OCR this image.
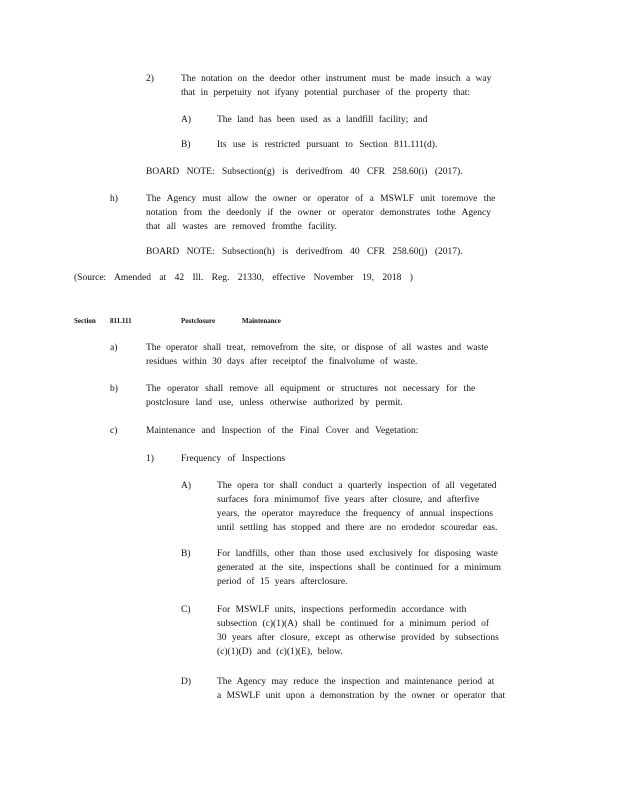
2)	The notation on the deedor other instrument must be made insuch a way
that in perpetuity not ifyany potential purchaser of the property that:
A)	The land has been used as a landfill facility; and
B)	Its use is restricted pursuant to Section 811.111(d).
BOARD NOTE: Subsection(g) is derivedfrom 40 CFR 258.60(i) (2017).
h)	The Agency must allow the owner or operator of a MSWLF unit toremove the
notation from the deedonly if the owner or operator demonstrates tothe Agency
that all wastes are removed fromthe facility.
BOARD NOTE: Subsection(h) is derivedfrom 40 CFR 258.60(j) (2017).
(Source: Amended at 42 Ill. Reg. 21330, effective November 19, 2018 )
Section 811.111	Postclosure	Maintenance
a)	The operator shall treat, removefrom the site, or dispose of all wastes and waste
residues within 30 days after receiptof the finalvolume of waste.
b)	The operator shall remove all equipment or structures not necessary for the
postclosure land use, unless otherwise authorized by permit.
c)	Maintenance and Inspection of the Final Cover and Vegetation:
1)	Frequency of Inspections
A)	The opera tor shall conduct a quarterly inspection of all vegetated
surfaces fora minimumof five years after closure, and afterfive
years, the operator mayreduce the frequency of annual inspections
until settling has stopped and there are no erodedor scouredar eas.
B)	For landfills, other than those used exclusively for disposing waste
generated at the site, inspections shall be continued for a minimum
period of 15 years afterclosure.
C)	For MSWLF units, inspections performedin accordance with
subsection (c)(1)(A) shall be continued for a minimum period of
30 years after closure, except as otherwise provided by subsections
(c)(1)(D) and (c)(1)(E), below.
D)	The Agency may reduce the inspection and maintenance period at
a MSWLF unit upon a demonstration by the owner or operator that
